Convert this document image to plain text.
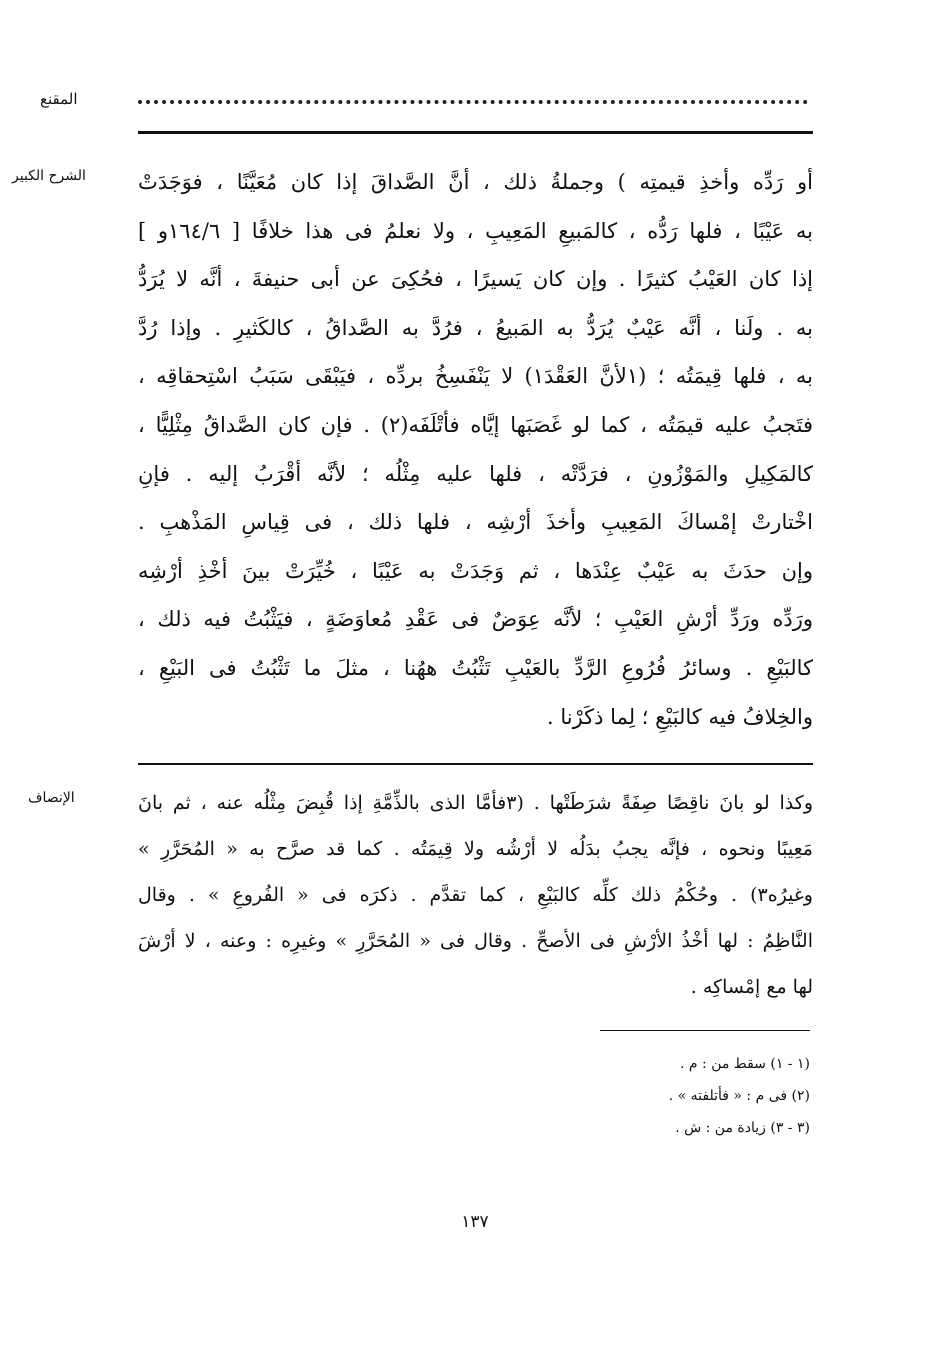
المقنع
الشرح الكبير	أو رَدِّه وأخذِ قيمتِه ) وجملةُ ذلك ، أنَّ الصَّداقَ إذا كان مُعَيَّنًا ، فوَجَدَتْ
به عَيْبًا ، فلها رَدُّه ، كالمَبيعِ المَعِيبِ ، ولا نعلمُ فى هذا خلافًا [ ١٦٤/٦و ]
إذا كان العَيْبُ كثيرًا . وإن كان يَسيرًا ، فحُكِىَ عن أبى حنيفةَ ، أنَّه لا يُرَدُّ
به . ولَنا ، أنَّه عَيْبٌ يُرَدُّ به المَبيعُ ، فرُدَّ به الصَّداقُ ، كالكَثيرِ . وإذا رُدَّ
به ، فلها قِيمَتُه ؛ (١لأنَّ العَقْدَ١) لا يَنْفَسِخُ بردِّه ، فيَبْقَى سَبَبُ اسْتِحقاقِه ،
فتَجبُ عليه قيمَتُه ، كما لو غَصَبَها إيَّاه فأتْلَفَه(٢) . فإن كان الصَّداقُ مِثْلِيًّا ،
كالمَكِيلِ والمَوْزُونِ ، فرَدَّتْه ، فلها عليه مِثْلُه ؛ لأنَّه أقْرَبُ إليه . فإنِ
اخْتارتْ إمْساكَ المَعِيبِ وأخذَ أرْشِه ، فلها ذلك ، فى قِياسِ المَذْهبِ .
وإن حدَثَ به عَيْبٌ عِنْدَها ، ثم وَجَدَتْ به عَيْبًا ، خُيِّرَتْ بينَ أخْذِ أرْشِه
ورَدِّه ورَدِّ أرْشِ العَيْبِ ؛ لأنَّه عِوَضٌ فى عَقْدِ مُعاوَضَةٍ ، فيَثْبُتُ فيه ذلك ،
كالبَيْعِ . وسائرُ فُرُوعِ الرَّدِّ بالعَيْبِ تَثْبُتُ ههُنا ، مثلَ ما تَثْبُتُ فى البَيْعِ ،
والخِلافُ فيه كالبَيْعِ ؛ لِما ذكَرْنا .
الإنصاف	وكذا لو بانَ ناقِصًا صِفَةً شرَطَتْها . (٣فأمَّا الذى بالذِّمَّةِ إذا قُبِضَ مِثْلُه عنه ، ثم بانَ
مَعِيبًا ونحوه ، فإنَّه يجبُ بدَلُه لا أرْشُه ولا قِيمَتُه . كما قد صرَّح به « المُحَرَّرِ »
وغيرُه٣) . وحُكْمُ ذلك كلِّه كالبَيْعِ ، كما تقدَّم . ذكرَه فى « الفُروعِ » . وقال
النَّاظِمُ : لها أخْذُ الأرْشِ فى الأصحِّ . وقال فى « المُحَرَّرِ » وغيرِه : وعنه ، لا أرْشَ
لها مع إمْساكِه .
(١ - ١) سقط من : م .
(٢) فى م : « فأتلفته » .
(٣ - ٣) زيادة من : ش .
١٣٧
